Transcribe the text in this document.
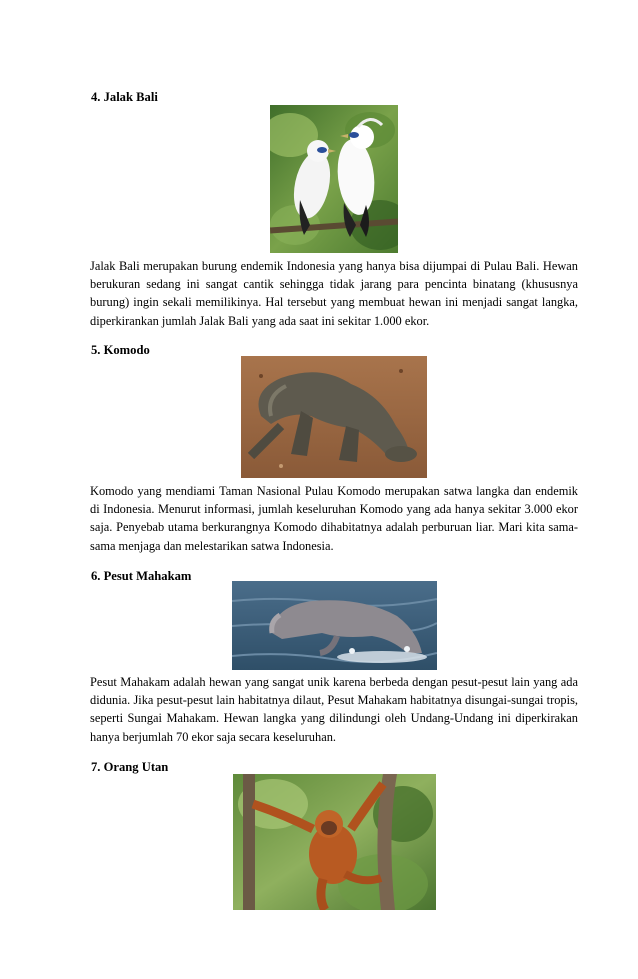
4. Jalak Bali

Jalak Bali merupakan burung endemik Indonesia yang hanya bisa dijumpai di Pulau Bali. Hewan berukuran sedang ini sangat cantik sehingga tidak jarang para pencinta binatang (khususnya burung) ingin sekali memilikinya. Hal tersebut yang membuat hewan ini menjadi sangat langka, diperkirankan jumlah Jalak Bali yang ada saat ini sekitar 1.000 ekor.

5. Komodo

Komodo yang mendiami Taman Nasional Pulau Komodo merupakan satwa langka dan endemik di Indonesia. Menurut informasi, jumlah keseluruhan Komodo yang ada hanya sekitar 3.000 ekor saja. Penyebab utama berkurangnya Komodo dihabitatnya adalah perburuan liar. Mari kita sama-sama menjaga dan melestarikan satwa Indonesia.

6. Pesut Mahakam

Pesut Mahakam adalah hewan yang sangat unik karena berbeda dengan pesut-pesut lain yang ada didunia. Jika pesut-pesut lain habitatnya dilaut, Pesut Mahakam habitatnya disungai-sungai tropis, seperti Sungai Mahakam. Hewan langka yang dilindungi oleh Undang-Undang ini diperkirakan hanya berjumlah 70 ekor saja secara keseluruhan.

7. Orang Utan
